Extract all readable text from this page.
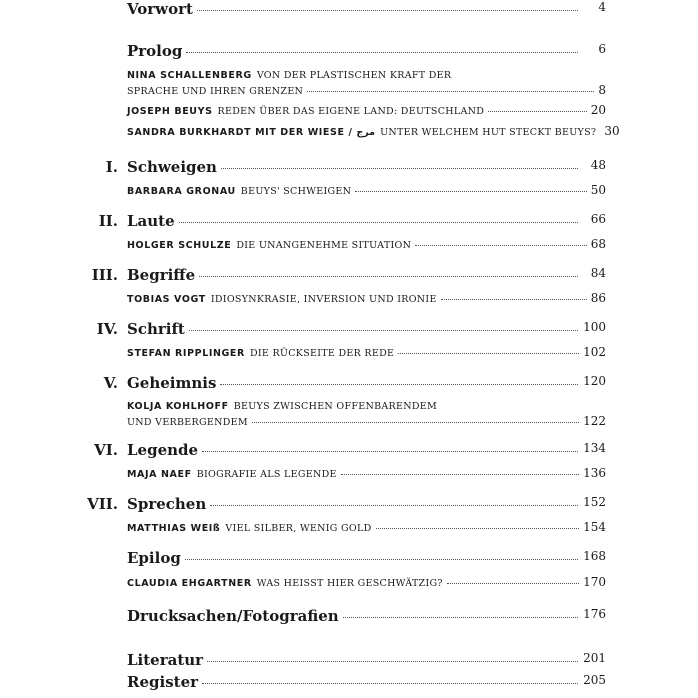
Vorwort	4
Prolog	6
NINA SCHALLENBERG VON DER PLASTISCHEN KRAFT DER
SPRACHE UND IHREN GRENZEN	8
JOSEPH BEUYS REDEN ÜBER DAS EIGENE LAND: DEUTSCHLAND	20
SANDRA BURKHARDT MIT DER WIESE / مرج UNTER WELCHEM HUT STECKT BEUYS? 30
I. Schweigen	48
BARBARA GRONAU BEUYS' SCHWEIGEN	50
II. Laute	66
HOLGER SCHULZE DIE UNANGENEHME SITUATION	68
III. Begriffe	84
TOBIAS VOGT IDIOSYNKRASIE, INVERSION UND IRONIE	86
IV. Schrift	100
STEFAN RIPPLINGER DIE RÜCKSEITE DER REDE	102
V. Geheimnis	120
KOLJA KOHLHOFF BEUYS ZWISCHEN OFFENBARENDEM
UND VERBERGENDEM	122
VI. Legende	134
MAJA NAEF BIOGRAFIE ALS LEGENDE	136
VII. Sprechen	152
MATTHIAS WEIß VIEL SILBER, WENIG GOLD	154
Epilog	168
CLAUDIA EHGARTNER WAS HEISST HIER GESCHWÄTZIG?	170
Drucksachen/Fotografien	176
Literatur	201
Register	205
